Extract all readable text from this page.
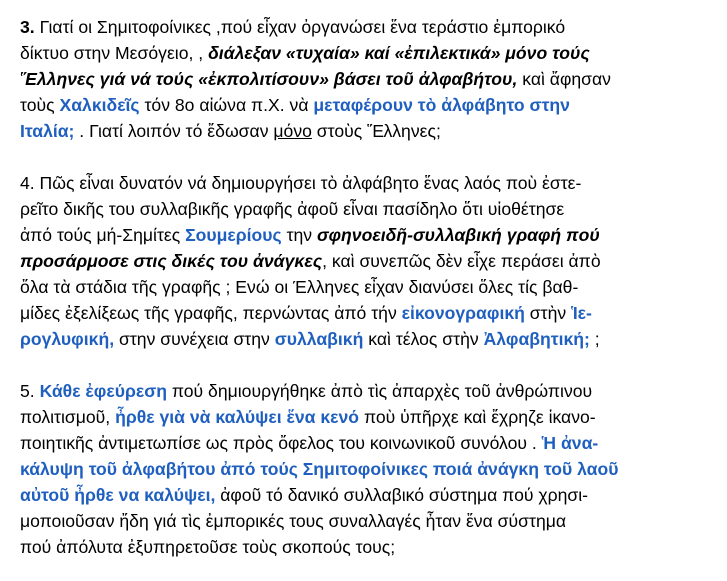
3. Γιατί οι Σημιτοφοίνικες ,πού εἶχαν ὀργανώσει ἕνα τεράστιο ἐμπορικό
δίκτυο στην Μεσόγειο, , διάλεξαν «τυχαία» καί «ἐπιλεκτικά» μόνο τούς
Ἕλληνες γιά νά τούς «ἐκπολιτίσουν» βάσει τοῦ ἀλφαβήτου, καὶ ἄφησαν
τοὺς Χαλκιδεῖς τόν 8ο αἰώνα π.Χ. νὰ μεταφέρουν τὸ ἀλφάβητο στην
Ιταλία; . Γιατί λοιπόν τό ἔδωσαν μόνο στοὺς Ἕλληνες;
4. Πῶς εἶναι δυνατόν νά δημιουργήσει τὸ ἀλφάβητο ἕνας λαός ποὺ ἐστε-
ρεῖτο δικῆς του συλλαβικῆς γραφῆς ἀφοῦ εἶναι πασίδηλο ὅτι υἱοθέτησε
ἀπό τούς μή-Σημίτες Σουμερίους την σφηνοειδῆ-συλλαβική γραφή πού
προσάρμοσε στις δικές του ἀνάγκες, καὶ συνεπῶς δὲν εἶχε περάσει ἀπὸ
ὅλα τὰ στάδια τῆς γραφῆς ; Ενώ οι Έλληνες εἶχαν διανύσει ὅλες τίς βαθ-
μίδες ἐξελίξεως τῆς γραφῆς, περνώντας ἀπό τήν εἰκονογραφική στὴν Ἱε-
ρογλυφική, στην συνέχεια στην συλλαβική καὶ τέλος στὴν Ἀλφαβητική; ;
5. Κάθε ἐφεύρεση πού δημιουργήθηκε ἀπὸ τὶς ἀπαρχὲς τοῦ ἀνθρώπινου
πολιτισμοῦ, ἦρθε γιὰ νὰ καλύψει ἕνα κενό ποὺ ὑπῆρχε καὶ ἔχρηζε ἱκανο-
ποιητικῆς ἀντιμετωπίσε ως πρὸς ὄφελος του κοινωνικοῦ συνόλου . Ἡ ἀνα-
κάλυψη τοῦ ἀλφαβήτου ἀπό τούς Σημιτοφοίνικες ποιά ἀνάγκη τοῦ λαοῦ
αὐτοῦ ἦρθε να καλύψει, ἀφοῦ τό δανικό συλλαβικό σύστημα πού χρησι-
μοποιοῦσαν ἤδη γιά τὶς ἐμπορικές τους συναλλαγές ἦταν ἕνα σύστημα
πού ἀπόλυτα ἐξυπηρετοῦσε τοὺς σκοπούς τους;
